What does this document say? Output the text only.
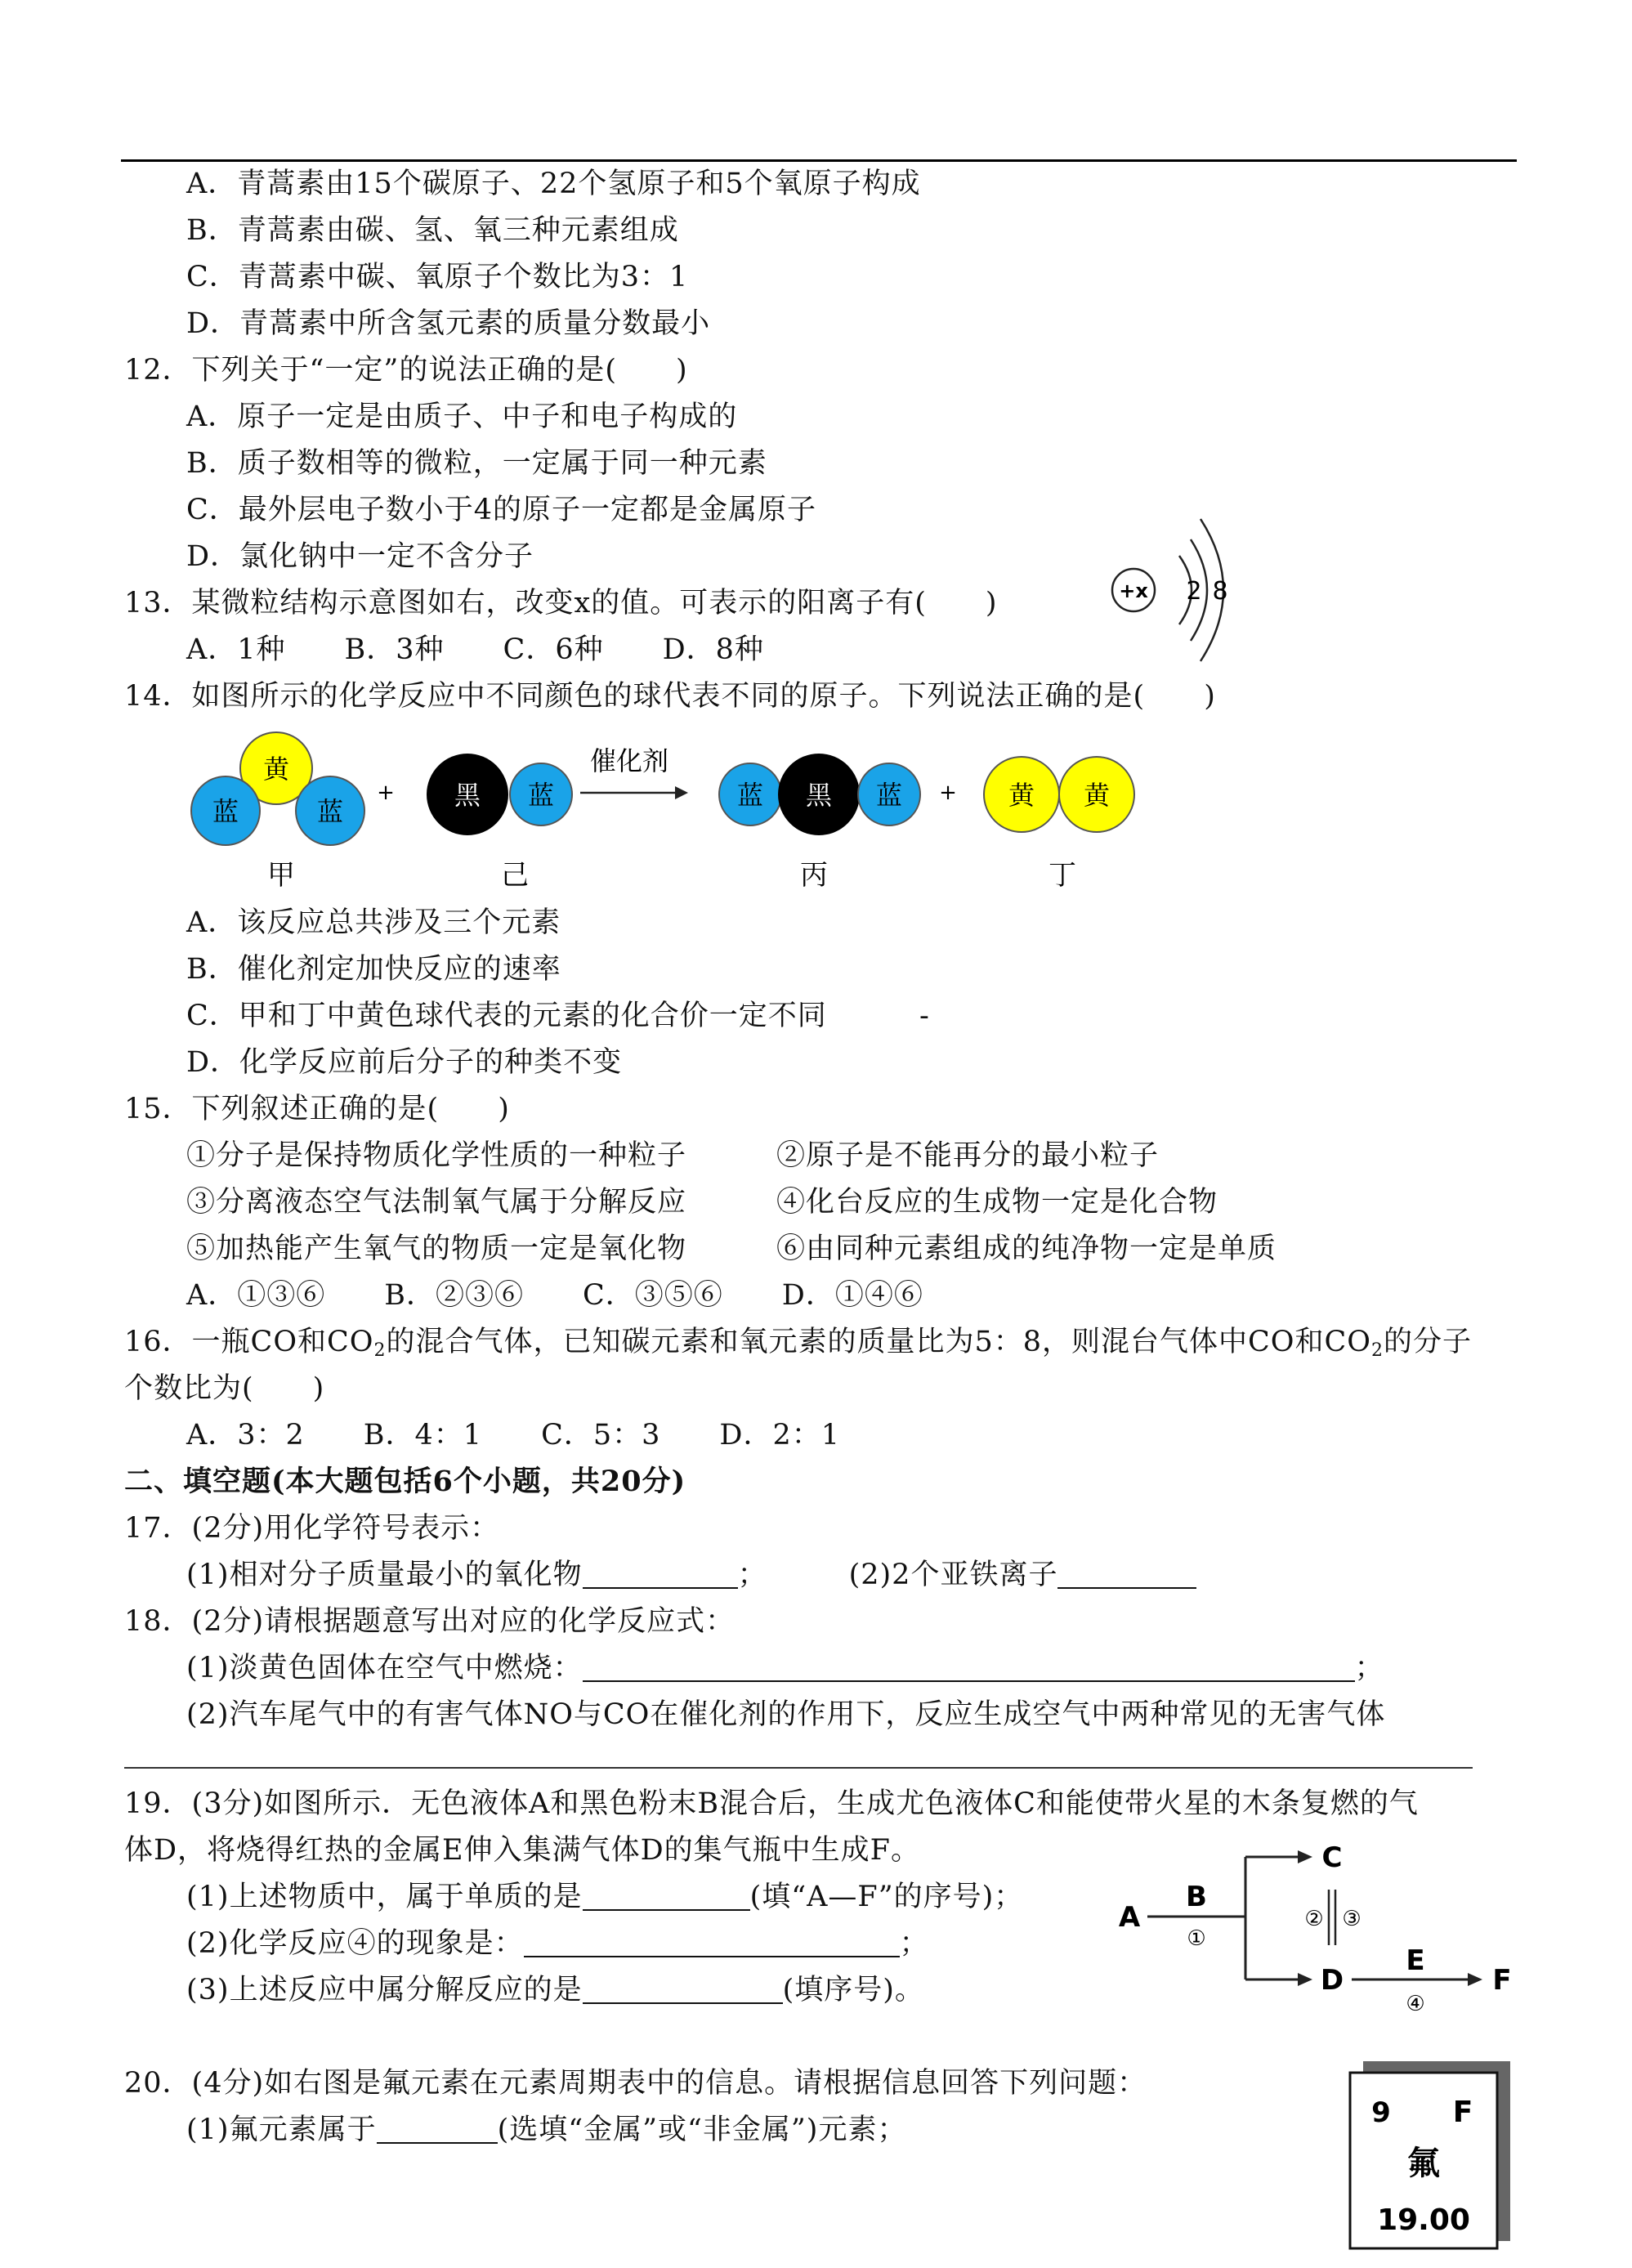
A．青蒿素由15个碳原子、22个氢原子和5个氧原子构成
B．青蒿素由碳、氢、氧三种元素组成
C．青蒿素中碳、氧原子个数比为3：1
D．青蒿素中所含氢元素的质量分数最小
12．下列关于“一定”的说法正确的是(　　)
A．原子一定是由质子、中子和电子构成的
B．质子数相等的微粒，一定属于同一种元素
C．最外层电子数小于4的原子一定都是金属原子
D．氯化钠中一定不含分子
13．某微粒结构示意图如右，改变x的值。可表示的阳离子有(　　)
A．1种　　B．3种　　C．6种　　D．8种
+x 2 8
14．如图所示的化学反应中不同颜色的球代表不同的原子。下列说法正确的是(　　)
黄
蓝	蓝
+ 黑 蓝
催化剂
蓝 黑 蓝 + 黄 黄
甲	己	丙	丁
A．该反应总共涉及三个元素
B．催化剂定加快反应的速率
C．甲和丁中黄色球代表的元素的化合价一定不同	-
D．化学反应前后分子的种类不变
15．下列叙述正确的是(　　)
①分子是保持物质化学性质的一种粒子	②原子是不能再分的最小粒子
③分离液态空气法制氧气属于分解反应	④化台反应的生成物一定是化合物
⑤加热能产生氧气的物质一定是氧化物	⑥由同种元素组成的纯净物一定是单质
A．①③⑥　　B．②③⑥　　C．③⑤⑥　　D．①④⑥
16．一瓶CO和$CO_2$的混合气体，已知碳元素和氧元素的质量比为5：8，则混台气体中CO和$CO_2$的分子
个数比为(　　)
A．3：2　　B．4：1　　C．5：3　　D．2：1
二、填空题(本大题包括6个小题，共20分)
17．(2分)用化学符号表示：
(1)相对分子质量最小的氧化物	；	(2)2个亚铁离子
18．(2分)请根据题意写出对应的化学反应式：
(1)淡黄色固体在空气中燃烧：	；
(2)汽车尾气中的有害气体NO与CO在催化剂的作用下，反应生成空气中两种常见的无害气体
19．(3分)如图所示．无色液体A和黑色粉末B混合后，生成尤色液体C和能使带火星的木条复燃的气
体D，将烧得红热的金属E伸入集满气体D的集气瓶中生成F。
(1)上述物质中，属于单质的是	(填“A—F”的序号)；
(2)化学反应④的现象是：	；
(3)上述反应中属分解反应的是	(填序号)。
A
B
①
C
D
② ③
E
④
F
20．(4分)如右图是氟元素在元素周期表中的信息。请根据信息回答下列问题：
(1)氟元素属于	(选填“金属”或“非金属”)元素；
9 F
氟
19.00
